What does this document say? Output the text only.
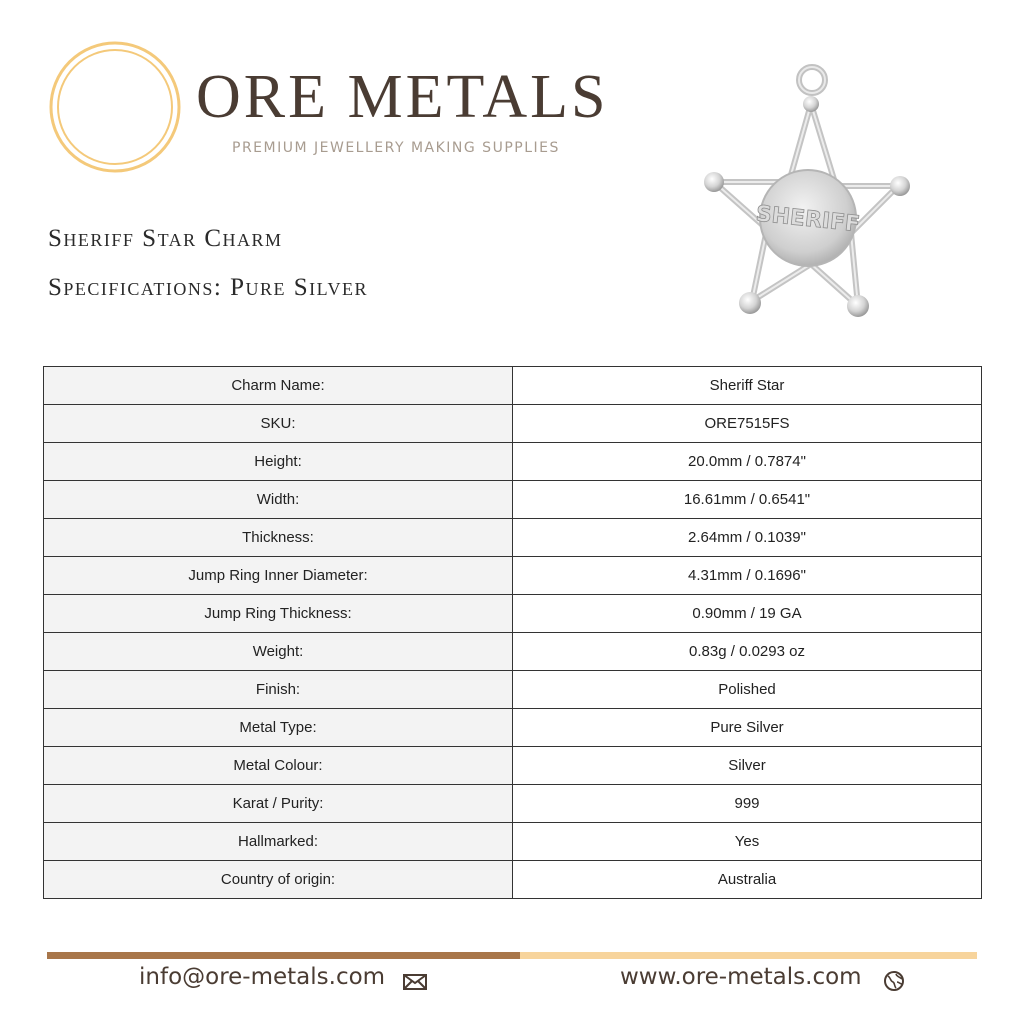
ORE METALS
PREMIUM JEWELLERY MAKING SUPPLIES
Sheriff Star Charm
Specifications: Pure Silver
SHERIFF
Charm Name:	Sheriff Star
SKU:	ORE7515FS
Height:	20.0mm / 0.7874"
Width:	16.61mm / 0.6541"
Thickness:	2.64mm / 0.1039"
Jump Ring Inner Diameter:	4.31mm / 0.1696"
Jump Ring Thickness:	0.90mm / 19 GA
Weight:	0.83g / 0.0293 oz
Finish:	Polished
Metal Type:	Pure Silver
Metal Colour:	Silver
Karat / Purity:	999
Hallmarked:	Yes
Country of origin:	Australia
info@ore-metals.com	www.ore-metals.com
